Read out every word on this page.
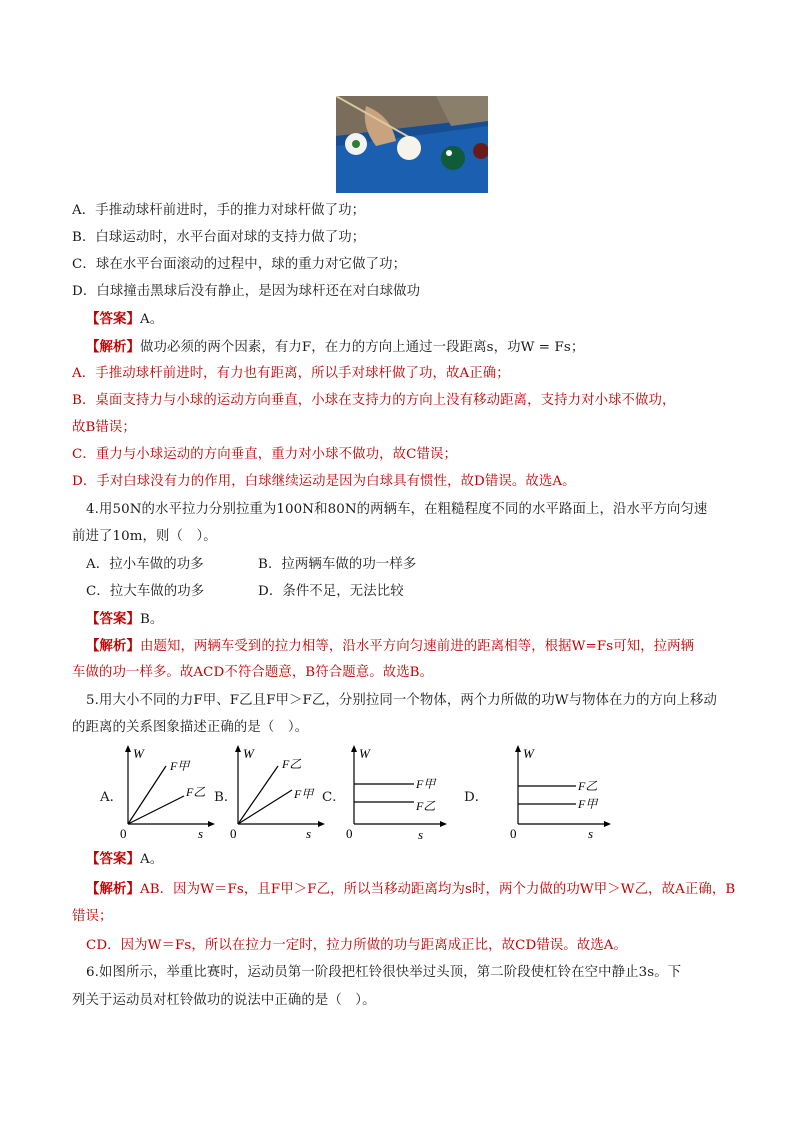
A．手推动球杆前进时，手的推力对球杆做了功；
B．白球运动时，水平台面对球的支持力做了功；
C．球在水平台面滚动的过程中，球的重力对它做了功；
D．白球撞击黑球后没有静止，是因为球杆还在对白球做功
【答案】A。
【解析】做功必须的两个因素，有力F，在力的方向上通过一段距离s，功W = Fs；
A．手推动球杆前进时，有力也有距离，所以手对球杆做了功，故A正确；
B．桌面支持力与小球的运动方向垂直，小球在支持力的方向上没有移动距离，支持力对小球不做功，
故B错误；
C．重力与小球运动的方向垂直，重力对小球不做功，故C错误；
D．手对白球没有力的作用，白球继续运动是因为白球具有惯性，故D错误。故选A。
4.用50N的水平拉力分别拉重为100N和80N的两辆车，在粗糙程度不同的水平路面上，沿水平方向匀速
前进了10m，则（　）。
A．拉小车做的功多	B．拉两辆车做的功一样多
C．拉大车做的功多	D．条件不足，无法比较
【答案】B。
【解析】由题知，两辆车受到的拉力相等，沿水平方向匀速前进的距离相等，根据W=Fs可知，拉两辆
车做的功一样多。故ACD不符合题意，B符合题意。故选B。
5.用大小不同的力F甲、F乙且F甲＞F乙，分别拉同一个物体，两个力所做的功W与物体在力的方向上移动
的距离的关系图象描述正确的是（　）。
A．	B．	C．	D．
W
s
0
F甲
F乙
W
s
0
F乙
F甲
W
s
0
F甲
F乙
W
s
0
F乙
F甲
【答案】A。
【解析】AB．因为W＝Fs，且F甲＞F乙，所以当移动距离均为s时，两个力做的功W甲＞W乙，故A正确，B
错误；
CD．因为W＝Fs，所以在拉力一定时，拉力所做的功与距离成正比，故CD错误。故选A。
6.如图所示，举重比赛时，运动员第一阶段把杠铃很快举过头顶，第二阶段使杠铃在空中静止3s。下
列关于运动员对杠铃做功的说法中正确的是（　）。
